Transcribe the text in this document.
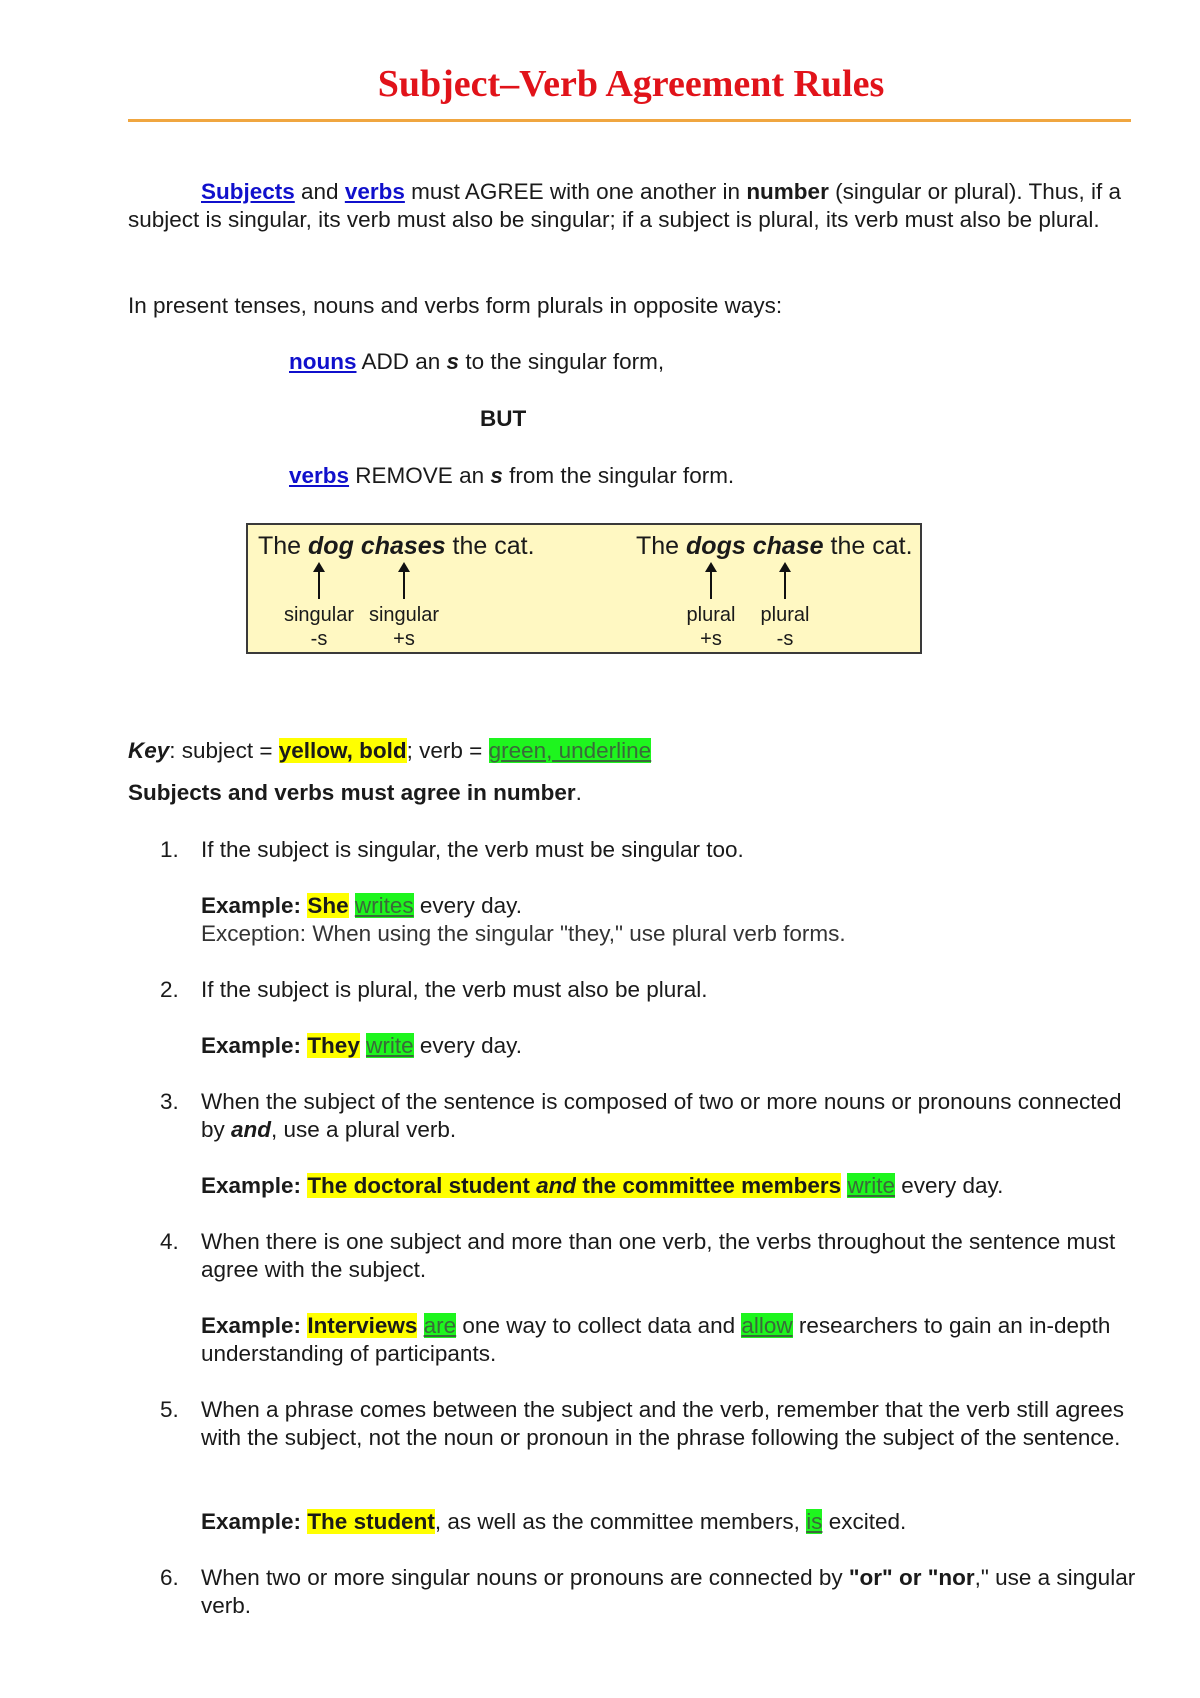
Subject–Verb Agreement Rules

Subjects and verbs must AGREE with one another in number (singular or plural). Thus, if a subject is singular, its verb must also be singular; if a subject is plural, its verb must also be plural.

In present tenses, nouns and verbs form plurals in opposite ways:

nouns ADD an s to the singular form,

BUT

verbs REMOVE an s from the singular form.

The dog chases the cat.
singular
-s
singular
+s
The dogs chase the cat.
plural
+s
plural
-s

Key: subject = yellow, bold; verb = green, underline

Subjects and verbs must agree in number.

1. If the subject is singular, the verb must be singular too.

Example: She writes every day.

Exception: When using the singular "they," use plural verb forms.

2. If the subject is plural, the verb must also be plural.

Example: They write every day.

3. When the subject of the sentence is composed of two or more nouns or pronouns connected by and, use a plural verb.

Example: The doctoral student and the committee members write every day.

4. When there is one subject and more than one verb, the verbs throughout the sentence must agree with the subject.

Example: Interviews are one way to collect data and allow researchers to gain an in-depth understanding of participants.

5. When a phrase comes between the subject and the verb, remember that the verb still agrees with the subject, not the noun or pronoun in the phrase following the subject of the sentence.

Example: The student, as well as the committee members, is excited.

6. When two or more singular nouns or pronouns are connected by "or" or "nor," use a singular verb.
